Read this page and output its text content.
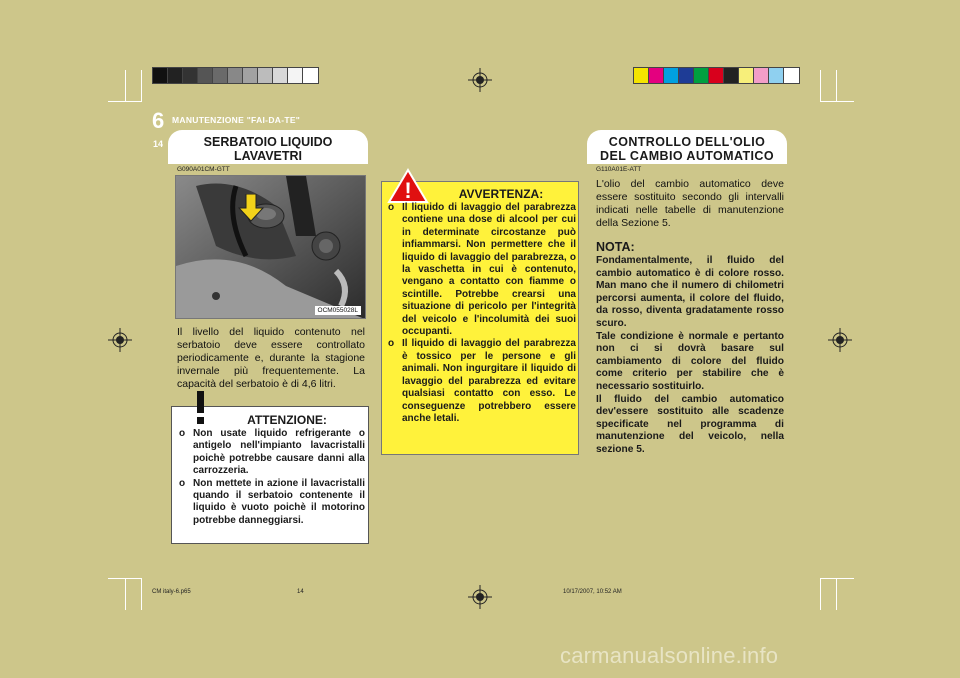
6 MANUTENZIONE "FAI-DA-TE"
14	SERBATOIO LIQUIDO
LAVAVETRI
G090A01CM-GTT
OCM055028L
Il livello del liquido contenuto nel serbatoio deve essere controllato periodicamente e, durante la stagione invernale più frequentemente. La capacità del serbatoio è di 4,6 litri.
ATTENZIONE:
o Non usate liquido refrigerante o antigelo nell'impianto lavacristalli poichè potrebbe causare danni alla carrozzeria.
o Non mettete in azione il lavacristalli quando il serbatoio contenente il liquido è vuoto poichè il motorino potrebbe danneggiarsi.
!	AVVERTENZA:
o Il liquido di lavaggio del parabrezza contiene una dose di alcool per cui in determinate circostanze può infiammarsi. Non permettere che il liquido di lavaggio del parabrezza, o la vaschetta in cui è contenuto, vengano a contatto con fiamme o scintille. Potrebbe crearsi una situazione di pericolo per l'integrità del veicolo e l'incolumità dei suoi occupanti.
o Il liquido di lavaggio del parabrezza è tossico per le persone e gli animali. Non ingurgitare il liquido di lavaggio del parabrezza ed evitare qualsiasi contatto con esso. Le conseguenze potrebbero essere anche letali.
CONTROLLO DELL'OLIO
DEL CAMBIO AUTOMATICO
G110A01E-ATT
L'olio del cambio automatico deve essere sostituito secondo gli intervalli indicati nelle tabelle di manutenzione della Sezione 5.
NOTA:
Fondamentalmente, il fluido del cambio automatico è di colore rosso. Man mano che il numero di chilometri percorsi aumenta, il colore del fluido, da rosso, diventa gradatamente rosso scuro.
Tale condizione è normale e pertanto non ci si dovrà basare sul cambiamento di colore del fluido come criterio per stabilire che è necessario sostituirlo.
Il fluido del cambio automatico dev'essere sostituito alle scadenze specificate nel programma di manutenzione del veicolo, nella sezione 5.
CM italy-6.p65	14	10/17/2007, 10:52 AM
carmanualsonline.info
